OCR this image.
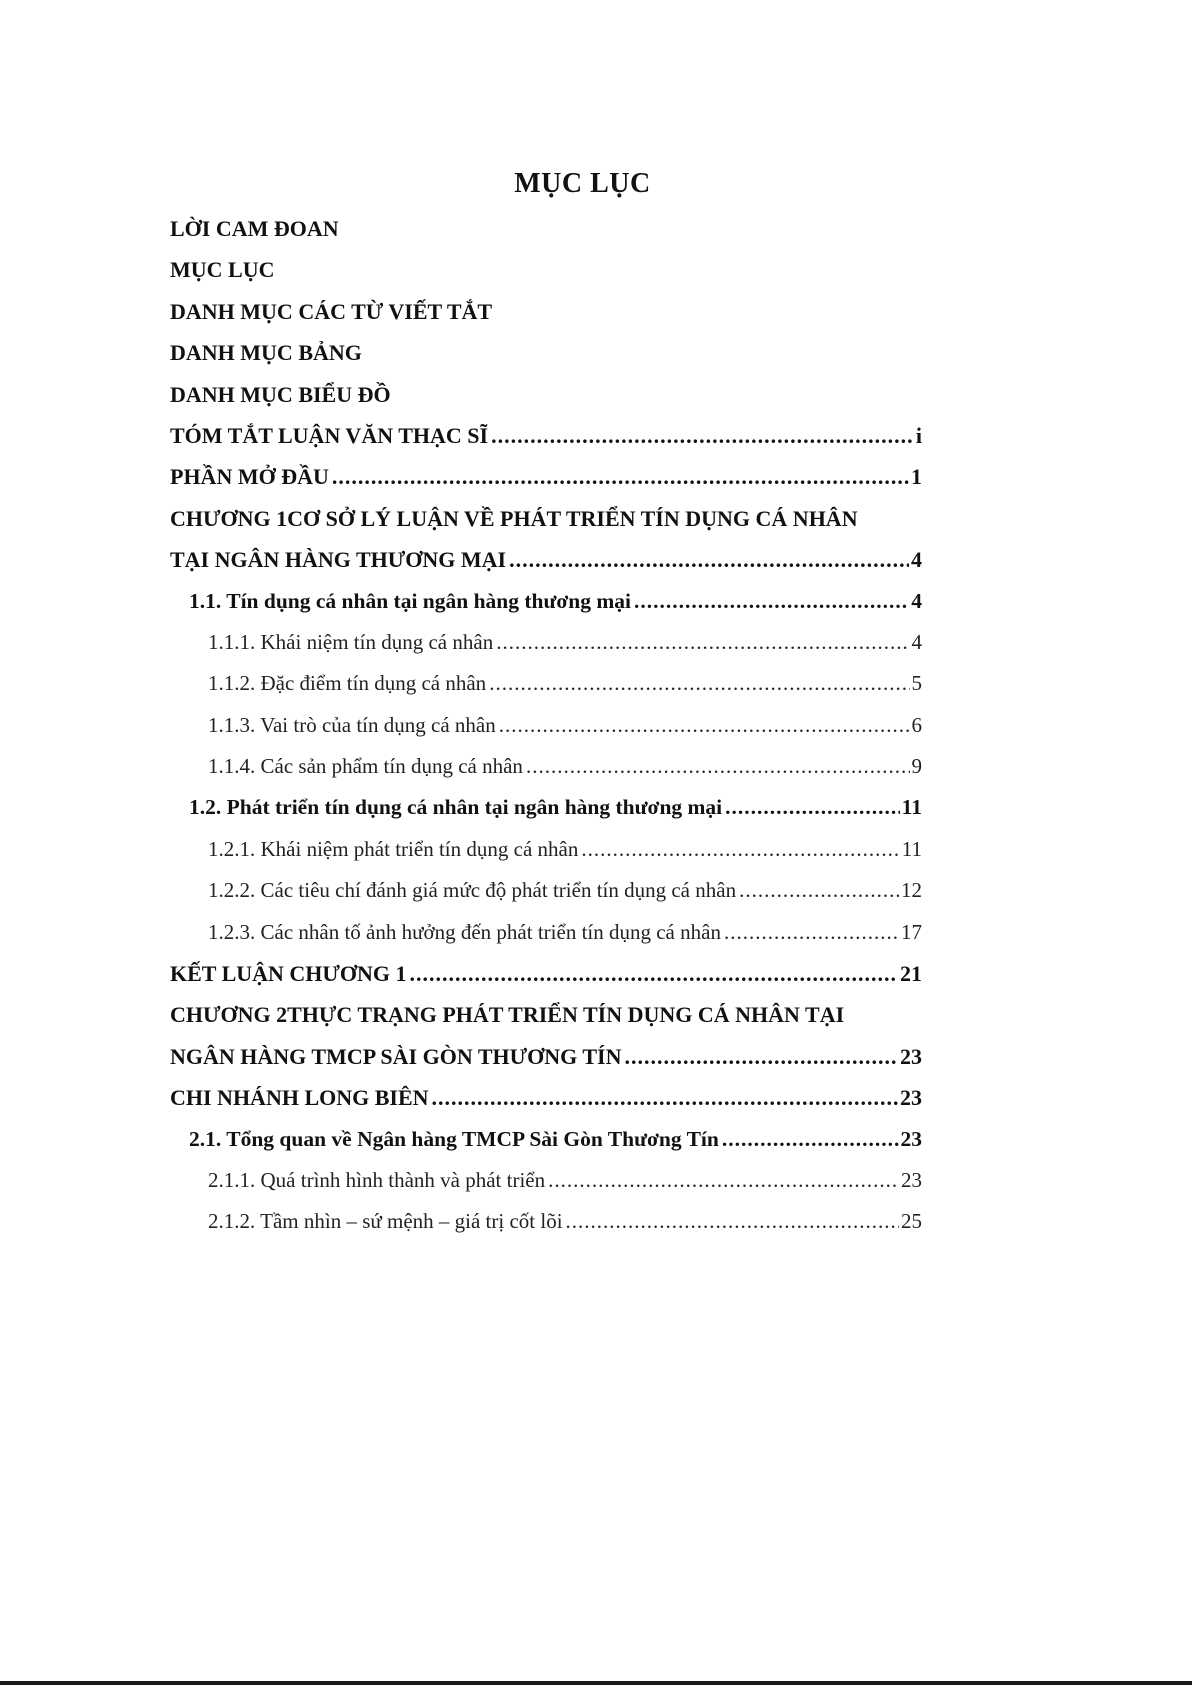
MỤC LỤC
LỜI CAM ĐOAN
MỤC LỤC
DANH MỤC CÁC TỪ VIẾT TẮT
DANH MỤC BẢNG
DANH MỤC BIỂU ĐỒ
TÓM TẮT LUẬN VĂN THẠC SĨ .....	i
PHẦN MỞ ĐẦU .....	1
CHƯƠNG 1CƠ SỞ LÝ LUẬN VỀ PHÁT TRIỂN TÍN DỤNG CÁ NHÂN
TẠI NGÂN HÀNG THƯƠNG MẠI .....	4
1.1. Tín dụng cá nhân tại ngân hàng thương mại .....	4
1.1.1. Khái niệm tín dụng cá nhân .....	4
1.1.2. Đặc điểm tín dụng cá nhân .....	5
1.1.3. Vai trò của tín dụng cá nhân .....	6
1.1.4. Các sản phẩm tín dụng cá nhân .....	9
1.2. Phát triển tín dụng cá nhân tại ngân hàng thương mại .....	11
1.2.1. Khái niệm phát triển tín dụng cá nhân .....	11
1.2.2. Các tiêu chí đánh giá mức độ phát triển tín dụng cá nhân .....	12
1.2.3. Các nhân tố ảnh hưởng đến phát triển tín dụng cá nhân .....	17
KẾT LUẬN CHƯƠNG 1 .....	21
CHƯƠNG 2THỰC TRẠNG PHÁT TRIỂN TÍN DỤNG CÁ NHÂN TẠI
NGÂN HÀNG TMCP SÀI GÒN THƯƠNG TÍN .....	23
CHI NHÁNH LONG BIÊN .....	23
2.1. Tổng quan về Ngân hàng TMCP Sài Gòn Thương Tín .....	23
2.1.1. Quá trình hình thành và phát triển .....	23
2.1.2. Tầm nhìn – sứ mệnh – giá trị cốt lõi .....	25
